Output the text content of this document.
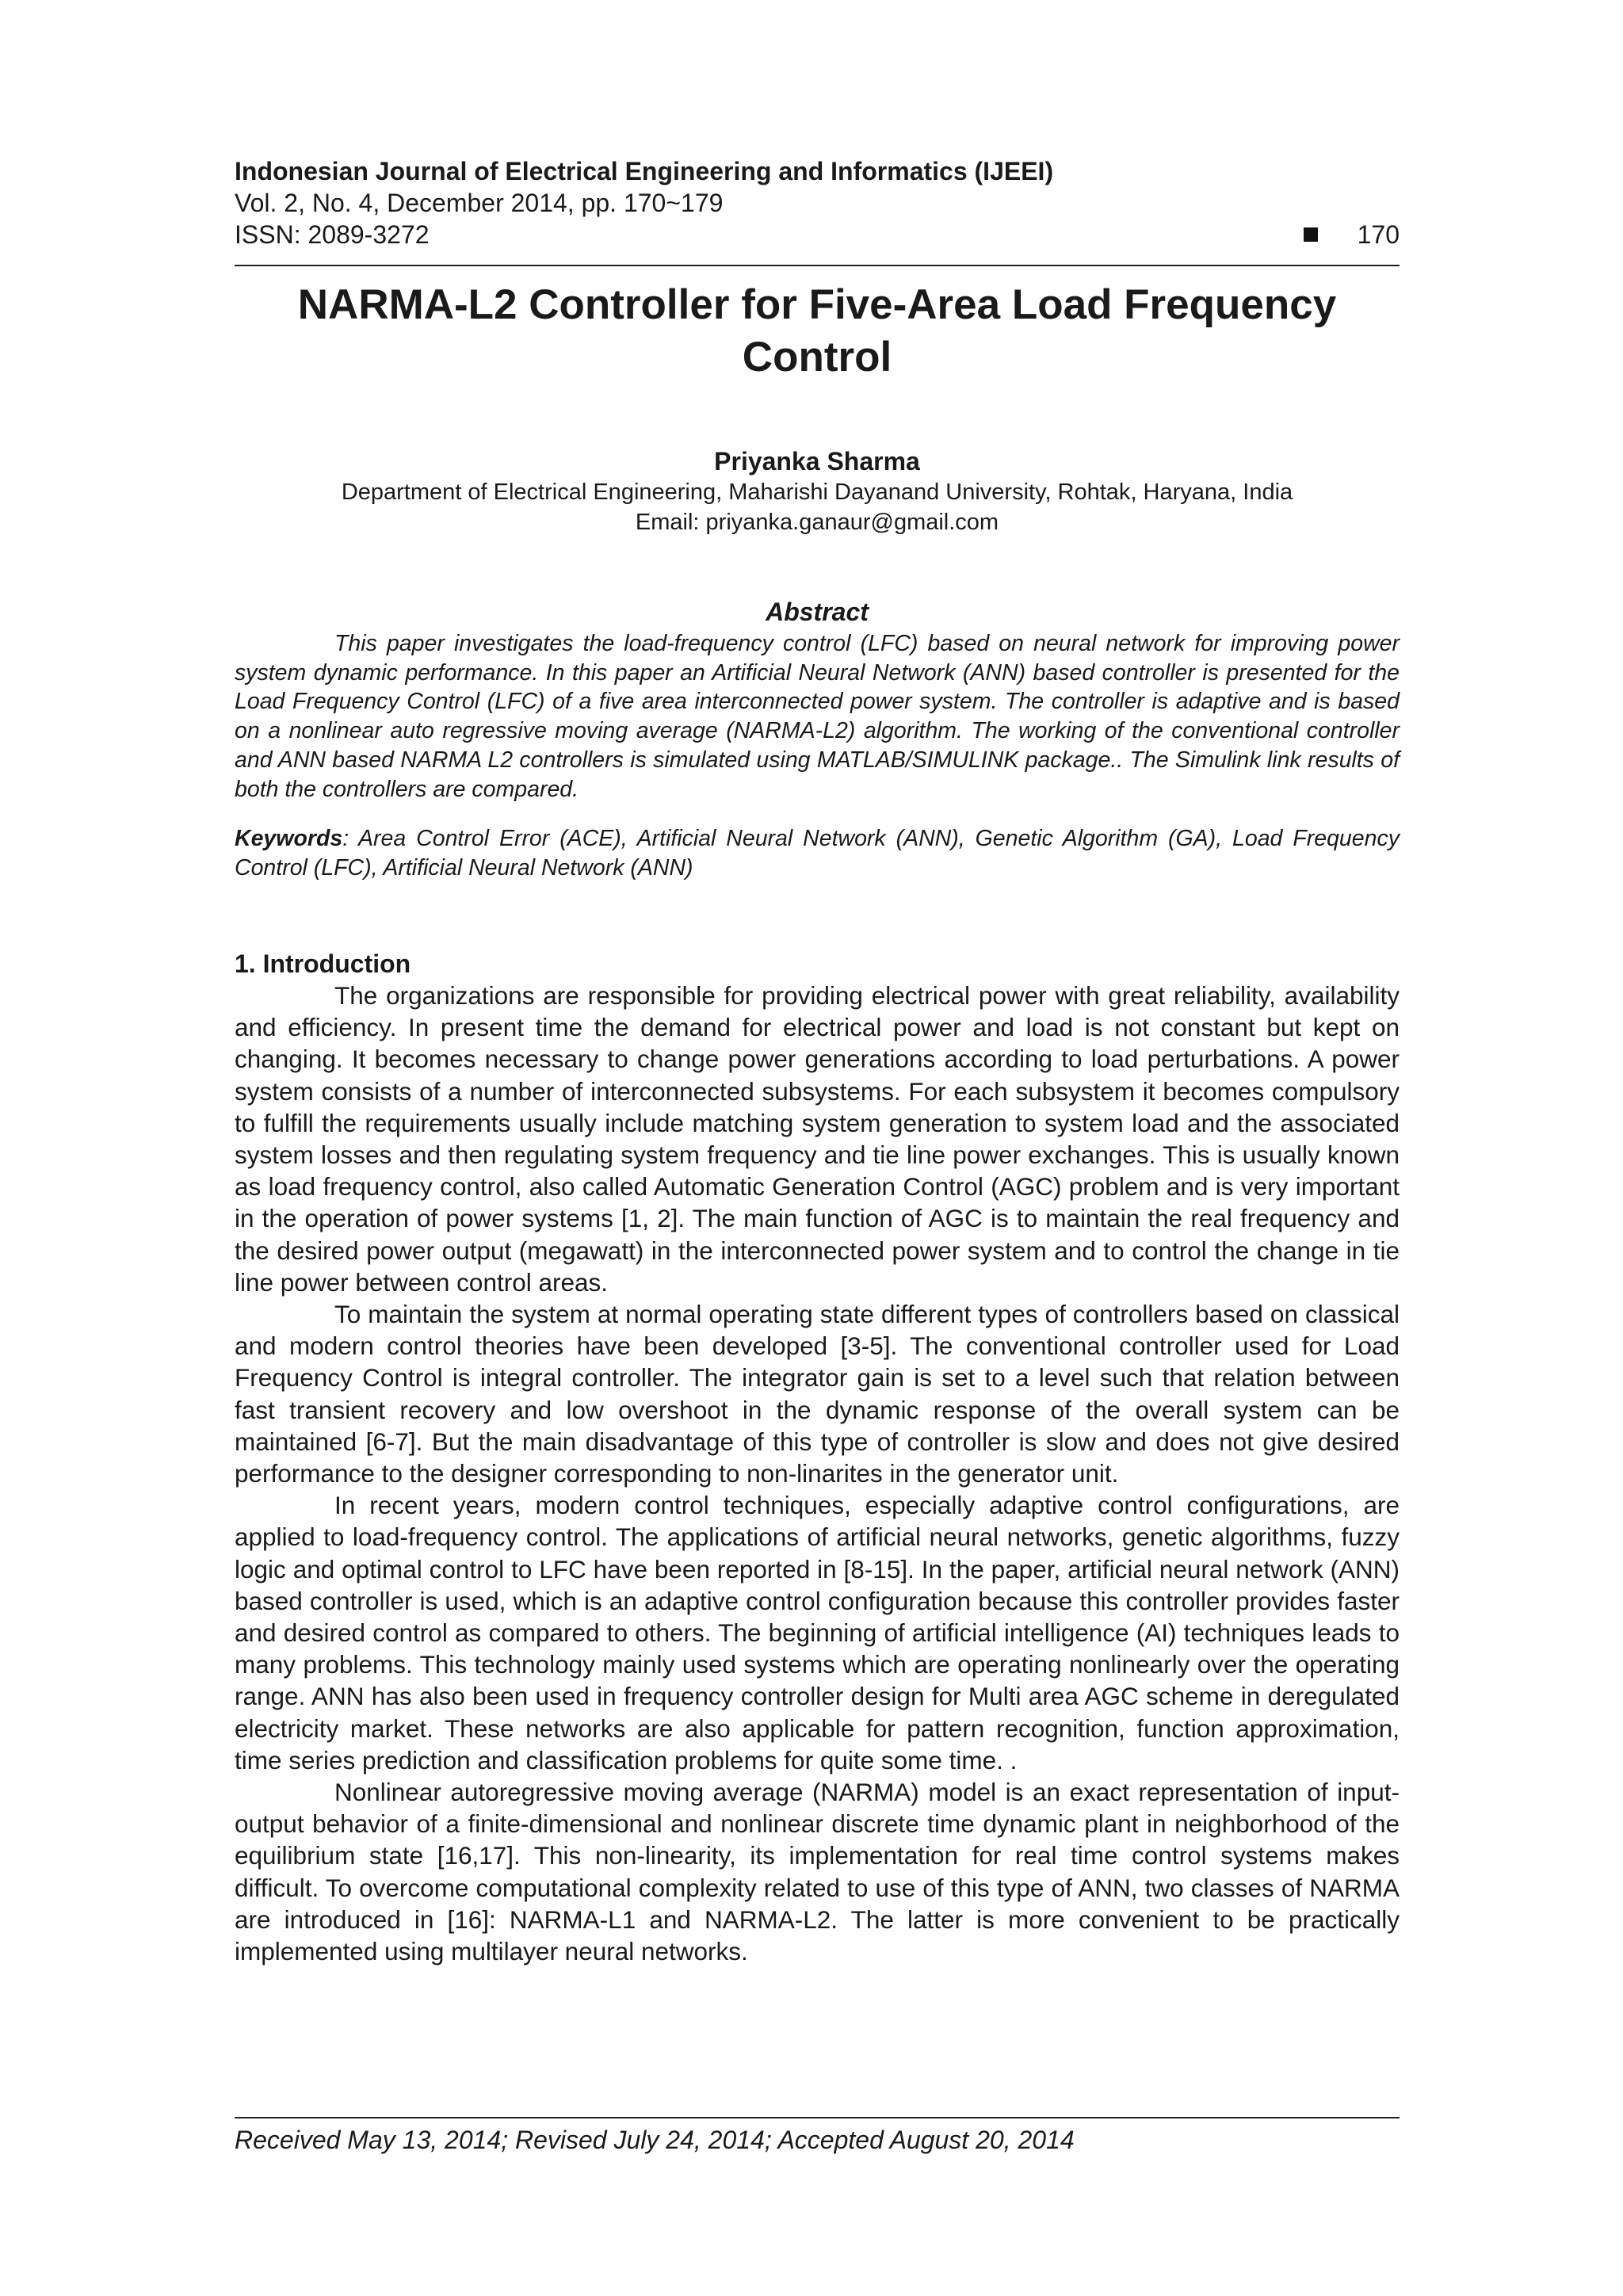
Indonesian Journal of Electrical Engineering and Informatics (IJEEI)
Vol. 2, No. 4, December 2014, pp. 170~179
ISSN: 2089-3272	170
NARMA-L2 Controller for Five-Area Load Frequency Control
Priyanka Sharma
Department of Electrical Engineering, Maharishi Dayanand University, Rohtak, Haryana, India
Email: priyanka.ganaur@gmail.com
Abstract
This paper investigates the load-frequency control (LFC) based on neural network for improving power system dynamic performance. In this paper an Artificial Neural Network (ANN) based controller is presented for the Load Frequency Control (LFC) of a five area interconnected power system. The controller is adaptive and is based on a nonlinear auto regressive moving average (NARMA-L2) algorithm. The working of the conventional controller and ANN based NARMA L2 controllers is simulated using MATLAB/SIMULINK package.. The Simulink link results of both the controllers are compared.
Keywords: Area Control Error (ACE), Artificial Neural Network (ANN), Genetic Algorithm (GA), Load Frequency Control (LFC), Artificial Neural Network (ANN)
1. Introduction

The organizations are responsible for providing electrical power with great reliability, availability and efficiency. In present time the demand for electrical power and load is not constant but kept on changing. It becomes necessary to change power generations according to load perturbations. A power system consists of a number of interconnected subsystems. For each subsystem it becomes compulsory to fulfill the requirements usually include matching system generation to system load and the associated system losses and then regulating system frequency and tie line power exchanges. This is usually known as load frequency control, also called Automatic Generation Control (AGC) problem and is very important in the operation of power systems [1, 2]. The main function of AGC is to maintain the real frequency and the desired power output (megawatt) in the interconnected power system and to control the change in tie line power between control areas.

To maintain the system at normal operating state different types of controllers based on classical and modern control theories have been developed [3-5]. The conventional controller used for Load Frequency Control is integral controller. The integrator gain is set to a level such that relation between fast transient recovery and low overshoot in the dynamic response of the overall system can be maintained [6-7]. But the main disadvantage of this type of controller is slow and does not give desired performance to the designer corresponding to non-linarites in the generator unit.

In recent years, modern control techniques, especially adaptive control configurations, are applied to load-frequency control. The applications of artificial neural networks, genetic algorithms, fuzzy logic and optimal control to LFC have been reported in [8-15]. In the paper, artificial neural network (ANN) based controller is used, which is an adaptive control configuration because this controller provides faster and desired control as compared to others. The beginning of artificial intelligence (AI) techniques leads to many problems. This technology mainly used systems which are operating nonlinearly over the operating range. ANN has also been used in frequency controller design for Multi area AGC scheme in deregulated electricity market. These networks are also applicable for pattern recognition, function approximation, time series prediction and classification problems for quite some time. .

Nonlinear autoregressive moving average (NARMA) model is an exact representation of input-output behavior of a finite-dimensional and nonlinear discrete time dynamic plant in neighborhood of the equilibrium state [16,17]. This non-linearity, its implementation for real time control systems makes difficult. To overcome computational complexity related to use of this type of ANN, two classes of NARMA are introduced in [16]: NARMA-L1 and NARMA-L2. The latter is more convenient to be practically implemented using multilayer neural networks.

Received May 13, 2014; Revised July 24, 2014; Accepted August 20, 2014
